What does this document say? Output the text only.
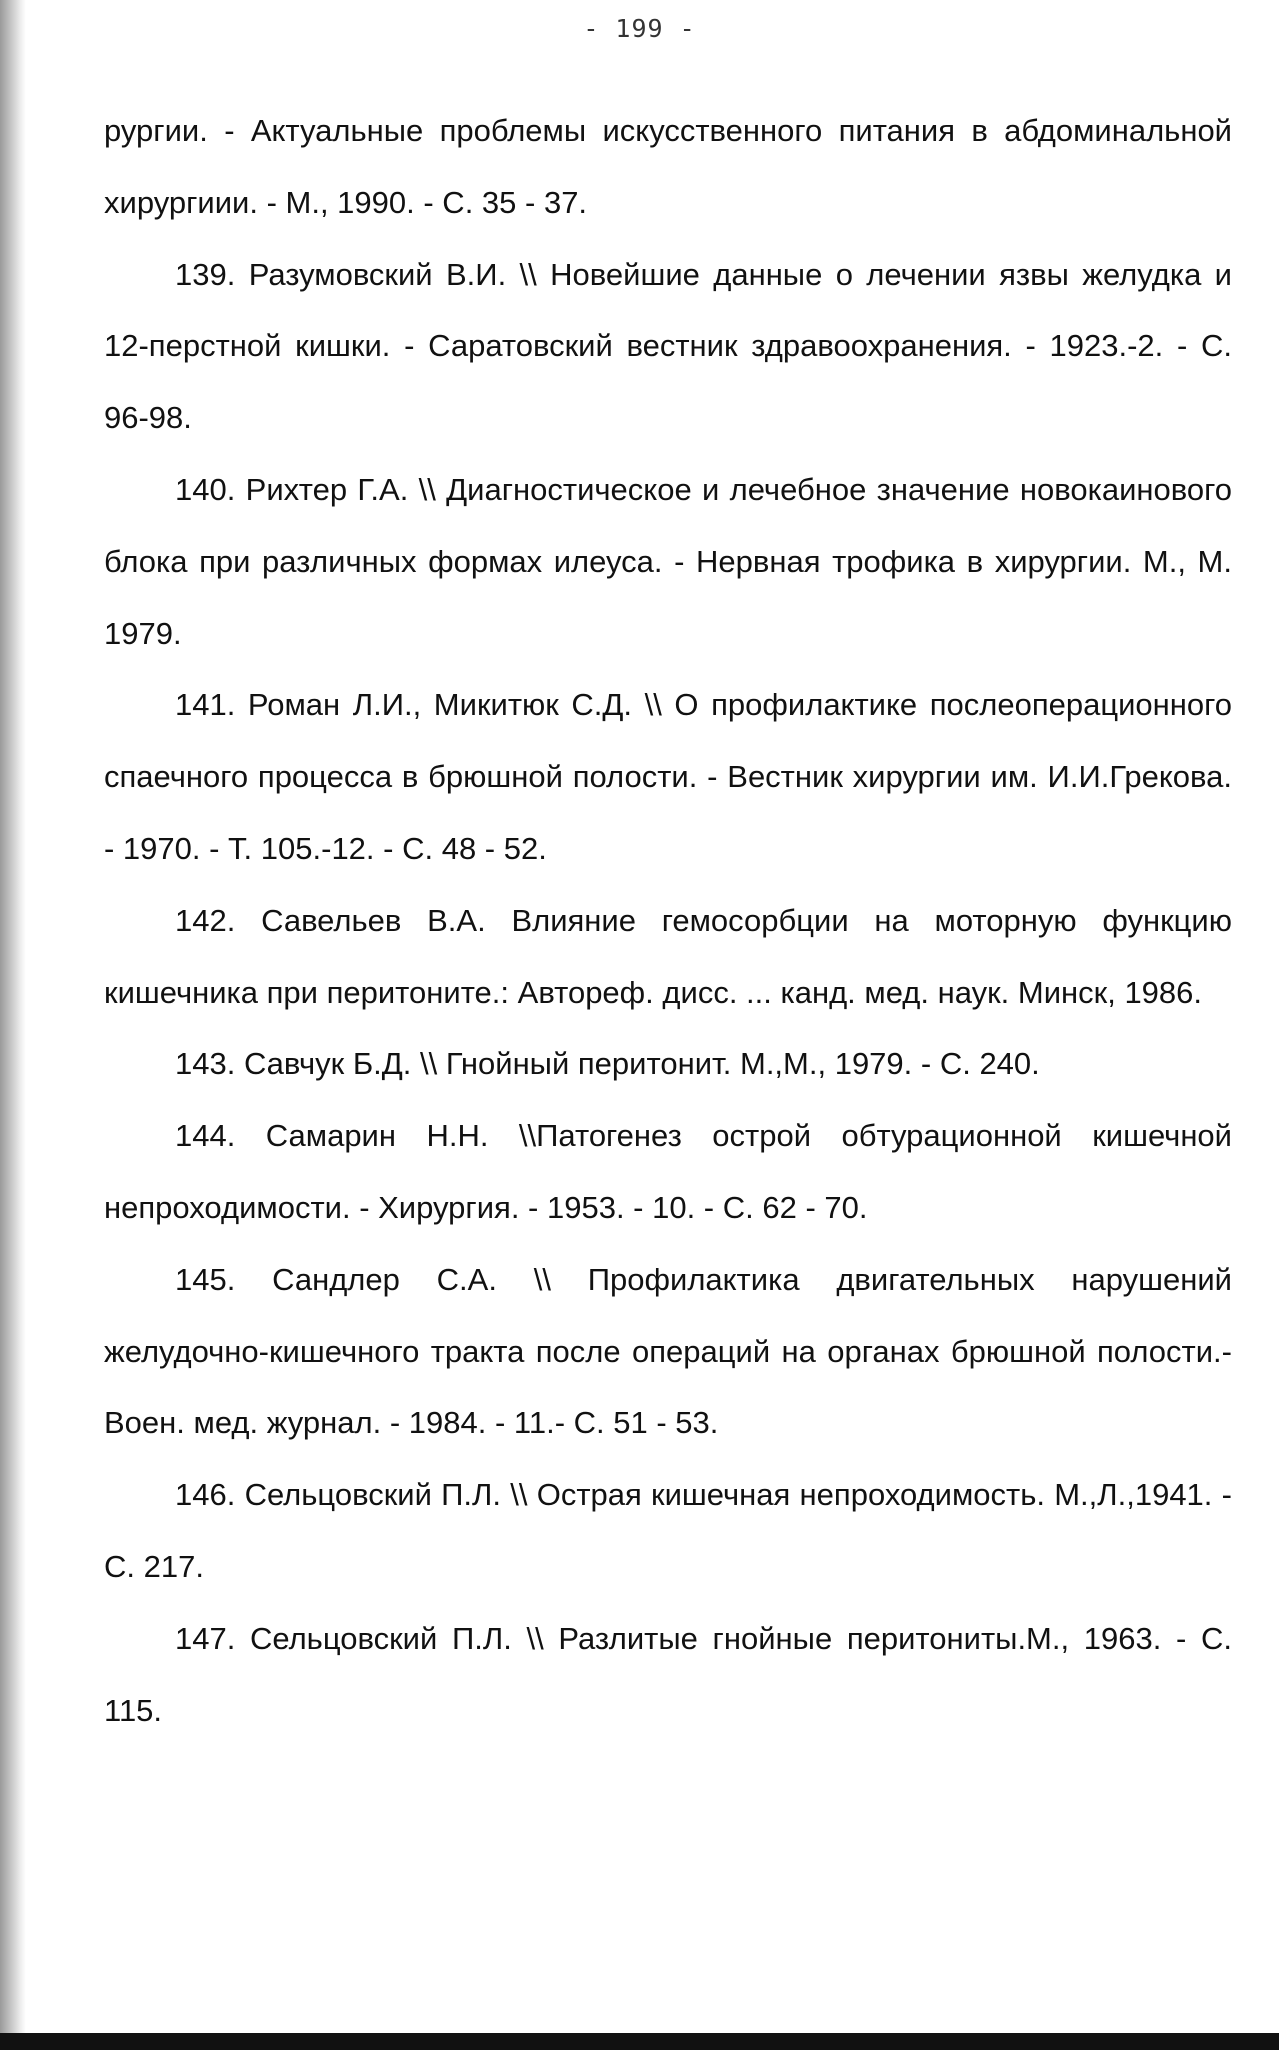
- 199 -

рургии. - Актуальные проблемы искусственного питания в абдоминальной хирургиии. - М., 1990. - С. 35 - 37.

139. Разумовский В.И. \\ Новейшие данные о лечении язвы желудка и 12-перстной кишки. - Саратовский вестник здравоохранения. - 1923.-2. - С. 96-98.

140. Рихтер Г.А. \\ Диагностическое и лечебное значение новокаинового блока при различных формах илеуса. - Нервная трофика в хирургии. М., М. 1979.

141. Роман Л.И., Микитюк С.Д. \\ О профилактике послеоперационного спаечного процесса в брюшной полости. - Вестник хирургии им. И.И.Грекова. - 1970. - Т. 105.-12. - С. 48 - 52.

142. Савельев В.А. Влияние гемосорбции на моторную функцию кишечника при перитоните.: Автореф. дисс. ... канд. мед. наук. Минск, 1986.

143. Савчук Б.Д. \\ Гнойный перитонит. М.,М., 1979. - С. 240.

144. Самарин Н.Н. \\Патогенез острой обтурационной кишечной непроходимости. - Хирургия. - 1953. - 10. - С. 62 - 70.

145. Сандлер С.А. \\ Профилактика двигательных нарушений желудочно-кишечного тракта после операций на органах брюшной полости.- Воен. мед. журнал. - 1984. - 11.- С. 51 - 53.

146. Сельцовский П.Л. \\ Острая кишечная непроходимость. М.,Л.,1941. - С. 217.

147. Сельцовский П.Л. \\ Разлитые гнойные перитониты.М., 1963. - С. 115.
